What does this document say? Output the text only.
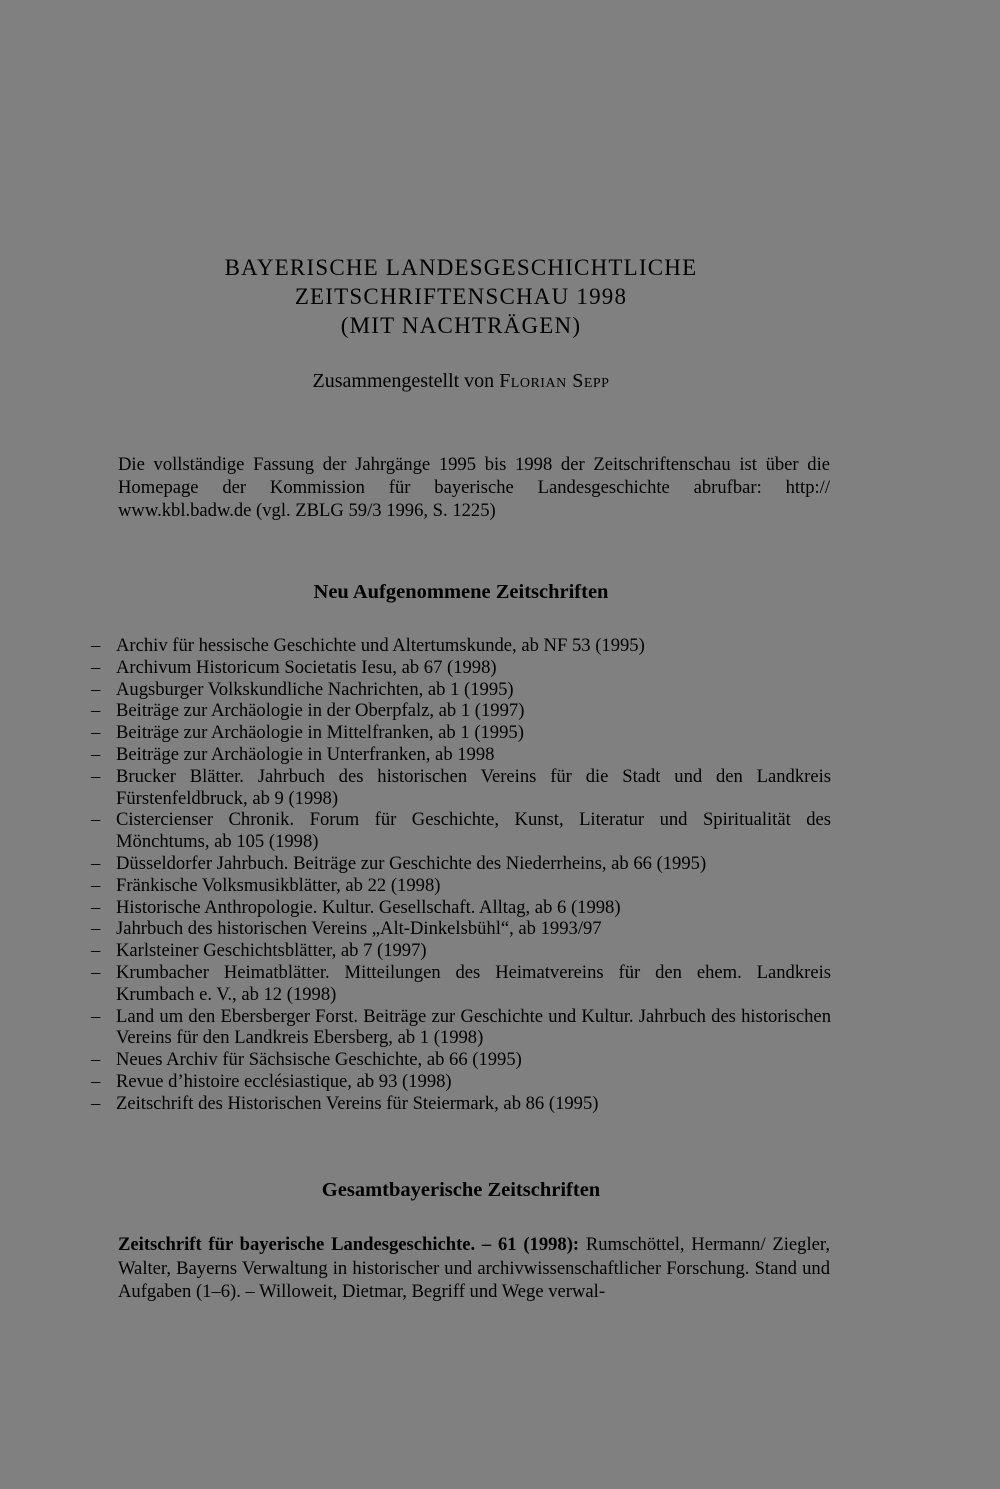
BAYERISCHE LANDESGESCHICHTLICHE
ZEITSCHRIFTENSCHAU 1998
(MIT NACHTRÄGEN)
Zusammengestellt von Florian Sepp

Die vollständige Fassung der Jahrgänge 1995 bis 1998 der Zeitschriftenschau ist über die Homepage der Kommission für bayerische Landesgeschichte abrufbar: http:// www.kbl.badw.de (vgl. ZBLG 59/3 1996, S. 1225)

Neu Aufgenommene Zeitschriften
– Archiv für hessische Geschichte und Altertumskunde, ab NF 53 (1995)
– Archivum Historicum Societatis Iesu, ab 67 (1998)
– Augsburger Volkskundliche Nachrichten, ab 1 (1995)
– Beiträge zur Archäologie in der Oberpfalz, ab 1 (1997)
– Beiträge zur Archäologie in Mittelfranken, ab 1 (1995)
– Beiträge zur Archäologie in Unterfranken, ab 1998
– Brucker Blätter. Jahrbuch des historischen Vereins für die Stadt und den Landkreis Fürstenfeldbruck, ab 9 (1998)
– Cistercienser Chronik. Forum für Geschichte, Kunst, Literatur und Spiritualität des Mönchtums, ab 105 (1998)
– Düsseldorfer Jahrbuch. Beiträge zur Geschichte des Niederrheins, ab 66 (1995)
– Fränkische Volksmusikblätter, ab 22 (1998)
– Historische Anthropologie. Kultur. Gesellschaft. Alltag, ab 6 (1998)
– Jahrbuch des historischen Vereins „Alt-Dinkelsbühl“, ab 1993/97
– Karlsteiner Geschichtsblätter, ab 7 (1997)
– Krumbacher Heimatblätter. Mitteilungen des Heimatvereins für den ehem. Landkreis Krumbach e. V., ab 12 (1998)
– Land um den Ebersberger Forst. Beiträge zur Geschichte und Kultur. Jahrbuch des historischen Vereins für den Landkreis Ebersberg, ab 1 (1998)
– Neues Archiv für Sächsische Geschichte, ab 66 (1995)
– Revue d’histoire ecclésiastique, ab 93 (1998)
– Zeitschrift des Historischen Vereins für Steiermark, ab 86 (1995)
Gesamtbayerische Zeitschriften

Zeitschrift für bayerische Landesgeschichte. – 61 (1998): Rumschöttel, Hermann/ Ziegler, Walter, Bayerns Verwaltung in historischer und archivwissenschaftlicher Forschung. Stand und Aufgaben (1–6). – Willoweit, Dietmar, Begriff und Wege verwal-
